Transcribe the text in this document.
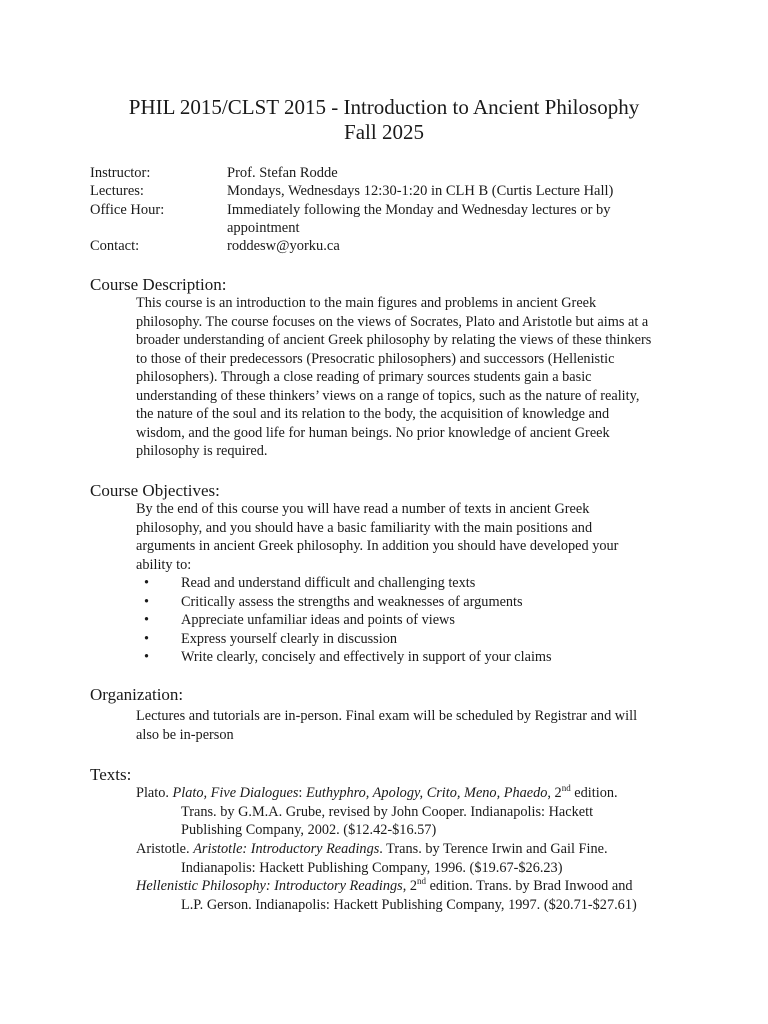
PHIL 2015/CLST 2015 - Introduction to Ancient Philosophy
Fall 2025
Instructor:	Prof. Stefan Rodde
Lectures:	Mondays, Wednesdays 12:30-1:20 in CLH B (Curtis Lecture Hall)
Office Hour:	Immediately following the Monday and Wednesday lectures or by
appointment
Contact:	roddesw@yorku.ca
Course Description:
This course is an introduction to the main figures and problems in ancient Greek
philosophy. The course focuses on the views of Socrates, Plato and Aristotle but aims at a
broader understanding of ancient Greek philosophy by relating the views of these thinkers
to those of their predecessors (Presocratic philosophers) and successors (Hellenistic
philosophers). Through a close reading of primary sources students gain a basic
understanding of these thinkers’ views on a range of topics, such as the nature of reality,
the nature of the soul and its relation to the body, the acquisition of knowledge and
wisdom, and the good life for human beings. No prior knowledge of ancient Greek
philosophy is required.
Course Objectives:
By the end of this course you will have read a number of texts in ancient Greek
philosophy, and you should have a basic familiarity with the main positions and
arguments in ancient Greek philosophy. In addition you should have developed your
ability to:
• Read and understand difficult and challenging texts
• Critically assess the strengths and weaknesses of arguments
• Appreciate unfamiliar ideas and points of views
• Express yourself clearly in discussion
• Write clearly, concisely and effectively in support of your claims
Organization:
Lectures and tutorials are in-person. Final exam will be scheduled by Registrar and will
also be in-person
Texts:
Plato. Plato, Five Dialogues: Euthyphro, Apology, Crito, Meno, Phaedo, 2nd edition.
Trans. by G.M.A. Grube, revised by John Cooper. Indianapolis: Hackett
Publishing Company, 2002. ($12.42-$16.57)
Aristotle. Aristotle: Introductory Readings. Trans. by Terence Irwin and Gail Fine.
Indianapolis: Hackett Publishing Company, 1996. ($19.67-$26.23)
Hellenistic Philosophy: Introductory Readings, 2nd edition. Trans. by Brad Inwood and
L.P. Gerson. Indianapolis: Hackett Publishing Company, 1997. ($20.71-$27.61)
